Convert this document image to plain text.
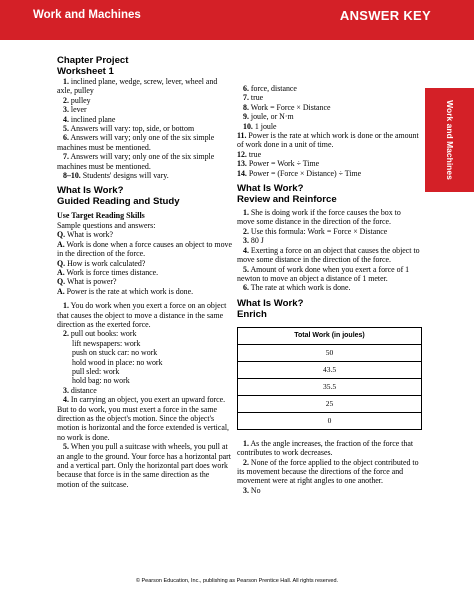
Work and Machines	ANSWER KEY
Work and Machines
Chapter Project
Worksheet 1

1. inclined plane, wedge, screw, lever, wheel and axle, pulley

2. pulley

3. lever

4. inclined plane

5. Answers will vary: top, side, or bottom

6. Answers will vary; only one of the six simple machines must be mentioned.

7. Answers will vary; only one of the six simple machines must be mentioned.

8–10. Students' designs will vary.

What Is Work?
Guided Reading and Study

Use Target Reading Skills

Sample questions and answers:

Q. What is work?

A. Work is done when a force causes an object to move in the direction of the force.

Q. How is work calculated?

A. Work is force times distance.

Q. What is power?

A. Power is the rate at which work is done.

1. You do work when you exert a force on an object that causes the object to move a distance in the same direction as the exerted force.

2. pull out books: work

lift newspapers: work

push on stuck car: no work

hold wood in place: no work

pull sled: work

hold bag: no work

3. distance

4. In carrying an object, you exert an upward force. But to do work, you must exert a force in the same direction as the object's motion. Since the object's motion is horizontal and the force extended is vertical, no work is done.

5. When you pull a suitcase with wheels, you pull at an angle to the ground. Your force has a horizontal part and a vertical part. Only the horizontal part does work because that force is in the same direction as the motion of the suitcase.

6. force, distance

7. true

8. Work = Force × Distance

9. joule, or N·m

10. 1 joule

11. Power is the rate at which work is done or the amount of work done in a unit of time.

12. true

13. Power = Work ÷ Time

14. Power = (Force × Distance) ÷ Time

What Is Work?
Review and Reinforce

1. She is doing work if the force causes the box to move some distance in the direction of the force.

2. Use this formula: Work = Force × Distance

3. 80 J

4. Exerting a force on an object that causes the object to move some distance in the direction of the force.

5. Amount of work done when you exert a force of 1 newton to move an object a distance of 1 meter.

6. The rate at which work is done.

What Is Work?
Enrich
Total Work (in joules)
50
43.5
35.5
25
0

1. As the angle increases, the fraction of the force that contributes to work decreases.

2. None of the force applied to the object contributed to its movement because the directions of the force and movement were at right angles to one another.

3. No

© Pearson Education, Inc., publishing as Pearson Prentice Hall. All rights reserved.
